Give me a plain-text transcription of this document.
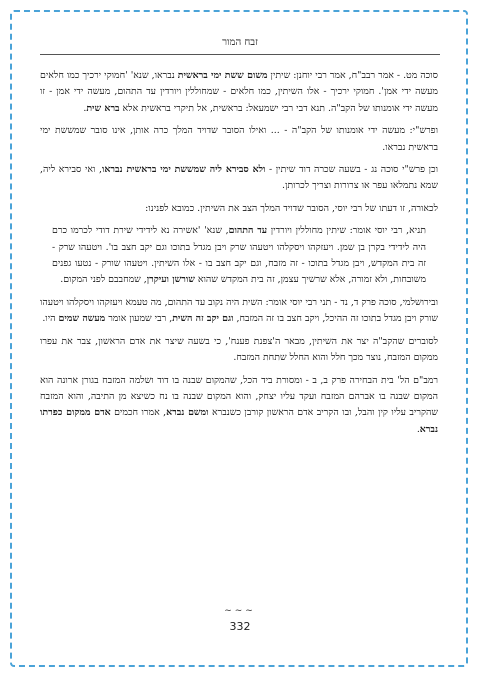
זבח המור

סוכה מט. - אמר רבב"ח, אמר רבי יוחנן: שיתין משום ששת ימי בראשית נבראו, שנא' 'חמוקי ירכיך כמו חלאים מעשה ידי אמן'. חמוקי ירכיך - אלו השיתין, כמו חלאים - שמחוללין ויורדין עד התהום, מעשה ידי אמן - זו מעשה ידי אומנותו של הקב"ה. תנא דבי רבי ישמעאל: בראשית, אל תיקרי בראשית אלא ברא שית.

ופרש"י: מעשה ידי אומנותו של הקב"ה - ... ואילו הסובר שדויד המלך כרה אותן, אינו סובר שמששת ימי בראשית נבראו.

וכן פרש"י סוכה נג - בשעה שכרה דוד שיתין - ולא סבירא ליה שמששת ימי בראשית נבראו, ואי סבירא ליה, שמא נתמלאו עפר או צרורות וצריך לכרותן.

לכאורה, זו דעתו של רבי יוסי, הסובר שדויד המלך הצב את השיתין. כמובא לפנינו:

תניא, רבי יוסי אומר: שיתין מחוללין ויורדין עד התהום, שנא' 'אשירה נא לידידי שירת דודי לכרמו כרם היה לידידי בקרן בן שמן. ויעזקהו ויסקלהו ויטעהו שרק ויבן מגדל בתוכו וגם יקב חצב בו'. ויטעהו שרק - זה בית המקדש, ויבן מגדל בתוכו - זה מזבח, וגם יקב חצב בו - אלו השיתין. ויטעהו שורק - נטעו גפנים משובחות, ולא זמורה, אלא שרשיך עצמן, זה בית המקדש שהוא שורשן ועיקרן, שמחבבם לפני המקום.

ובירושלמי, סוכה פרק ד, נד - תני רבי יוסי אומר: השית היה נקוב עד התהום, מה טעמא ויעזקהו ויסקלהו ויטעהו שורק ויבן מגדל בתוכו זה ההיכל, ויקב חצב בו זה המזבח, וגם יקב זה השית, רבי שמעון אומר מעשה שמים היו.

לסוברים שהקב"ה יצר את השיתין, מבאר ה'צפנת פענח', כי בשעה שיצר את אדם הראשון, צבר את עפרו ממקום המזבח, נוצר מכך חלל והוא החלל שתחת המזבח.

רמב"ם הל' בית הבחירה פרק ב, ב - ומסורת ביד הכל, שהמקום שבנה בו דוד ושלמה המזבח בגורן ארונה הוא המקום שבנה בו אברהם המזבח ועקד עליו יצחק, והוא המקום שבנה בו נח כשיצא מן התיבה, והוא המזבח שהקריב עליו קין והבל, ובו הקריב אדם הראשון קורבן כשנברא ומשם נברא, אמרו חכמים אדם ממקום כפרתו נברא.

~~~
332
